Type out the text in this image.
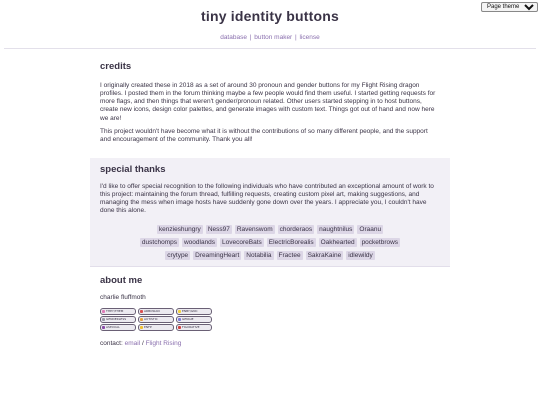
Page theme
tiny identity buttons
database | button maker | license
credits

I originally created these in 2018 as a set of around 30 pronoun and gender buttons for my Flight Rising dragon profiles. I posted them in the forum thinking maybe a few people would find them useful. I started getting requests for more flags, and then things that weren't gender/pronoun related. Other users started stepping in to host buttons, create new icons, design color palettes, and generate images with custom text. Things got out of hand and now here we are!

This project wouldn't have become what it is without the contributions of so many different people, and the support and encouragement of the community. Thank you all!

special thanks

I'd like to offer special recognition to the following individuals who have contributed an exceptional amount of work to this project: maintaining the forum thread, fulfilling requests, creating custom pixel art, making suggestions, and managing the mess when image hosts have suddenly gone down over the years. I appreciate you, I couldn't have done this alone.

kenzieshungry Ness97 Ravenswom chorderaos naughtnilus Oraanu
dustchomps woodlands LovecoreBats ElectricBorealis Oakhearted pocketbrows
crytype DreamingHeart Notabilia Fractee SakraKaine idlewildy
about me

charlie fluffmoth

THEY/THEM	ARBOSIAN	ENBY/GNC
GENDERLESS	AUTISTIC	GENGIE
ASEXUAL	ENFP	FIGURATIVE
contact: email / Flight Rising
